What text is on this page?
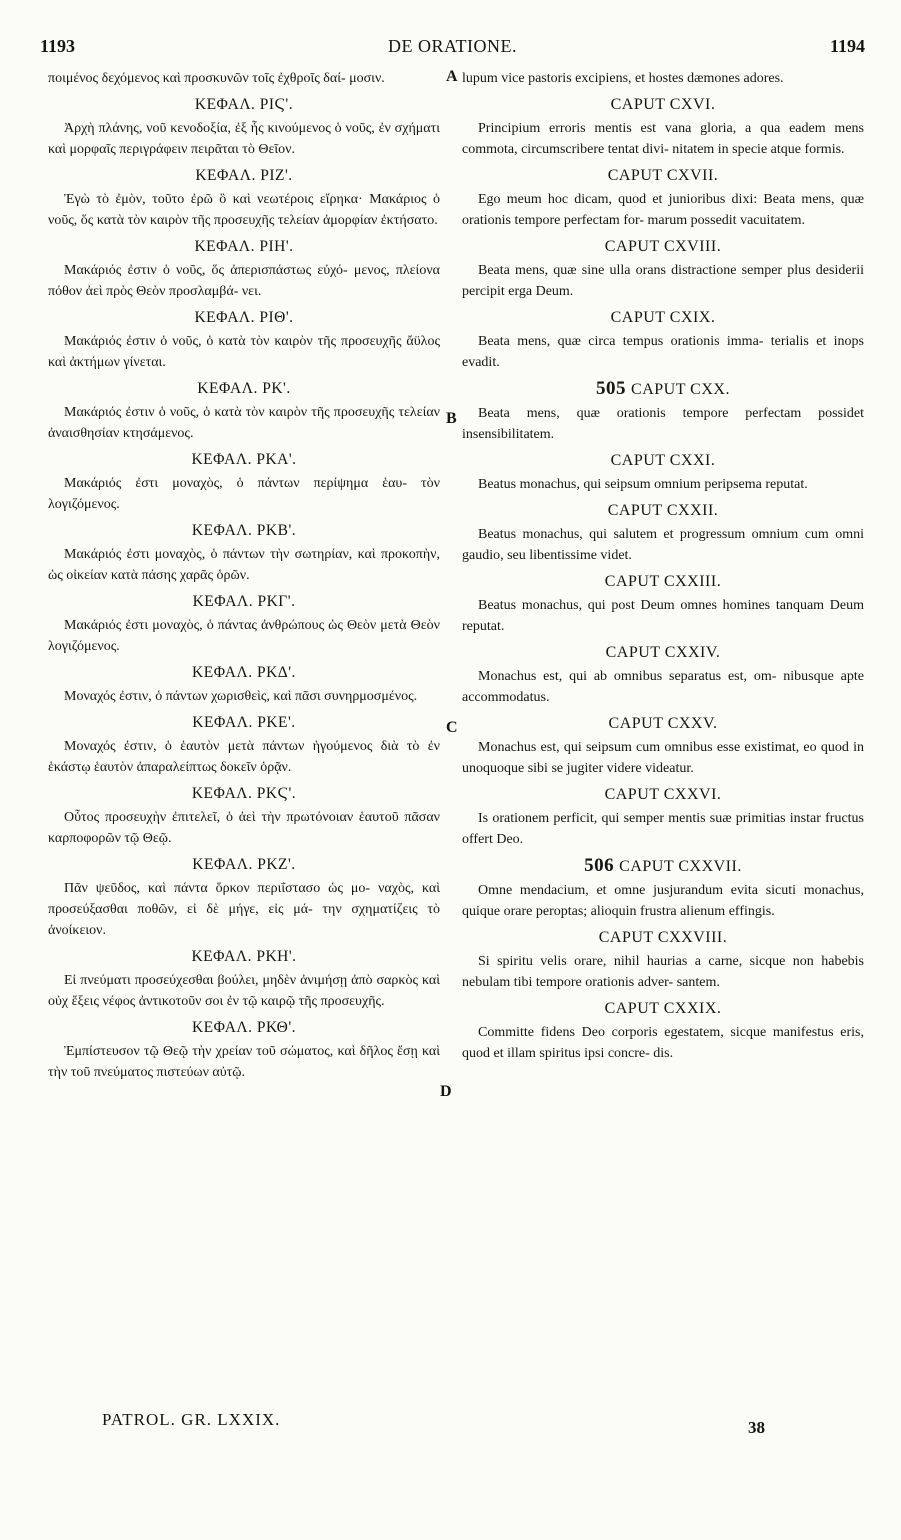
1193	DE ORATIONE.	1194
ποιμένος δεχόμενος καὶ προσκυνῶν τοῖς ἐχθροῖς δαί- μοσιν.
ΚΕΦΑΛ. ΡΙϚ'.
Ἀρχὴ πλάνης, νοῦ κενοδοξία, ἐξ ἧς κινούμενος ὁ νοῦς, ἐν σχήματι καὶ μορφαῖς περιγράφειν πειρᾶται τὸ Θεῖον.
ΚΕΦΑΛ. ΡΙΖ'.
Ἐγὼ τὸ ἐμὸν, τοῦτο ἐρῶ ὃ καὶ νεωτέροις εἴρηκα· Μακάριος ὁ νοῦς, ὅς κατὰ τὸν καιρὸν τῆς προσευχῆς τελείαν ἀμορφίαν ἐκτήσατο.
ΚΕΦΑΛ. ΡΙΗ'.
Μακάριός ἐστιν ὁ νοῦς, ὅς ἀπερισπάστως εὐχό- μενος, πλείονα πόθον ἀεὶ πρὸς Θεὸν προσλαμβά- νει.
ΚΕΦΑΛ. ΡΙΘ'.
Μακάριός ἐστιν ὁ νοῦς, ὁ κατὰ τὸν καιρὸν τῆς προσευχῆς ἄϋλος καὶ ἀκτήμων γίνεται.
ΚΕΦΑΛ. ΡΚ'.
Μακάριός ἐστιν ὁ νοῦς, ὁ κατὰ τὸν καιρὸν τῆς προσευχῆς τελείαν ἀναισθησίαν κτησάμενος.
ΚΕΦΑΛ. ΡΚΑ'.
Μακάριός ἐστι μοναχὸς, ὁ πάντων περίψημα ἑαυ- τὸν λογιζόμενος.
ΚΕΦΑΛ. ΡΚΒ'.
Μακάριός ἐστι μοναχὸς, ὁ πάντων τὴν σωτηρίαν, καὶ προκοπὴν, ὡς οἰκείαν κατὰ πάσης χαρᾶς ὁρῶν.
ΚΕΦΑΛ. ΡΚΓ'.
Μακάριός ἐστι μοναχὸς, ὁ πάντας ἀνθρώπους ὡς Θεὸν μετὰ Θεὸν λογιζόμενος.
ΚΕΦΑΛ. ΡΚΔ'.
Μοναχός ἐστιν, ὁ πάντων χωρισθεὶς, καὶ πᾶσι συνηρμοσμένος.
ΚΕΦΑΛ. ΡΚΕ'.
Μοναχός ἐστιν, ὁ ἑαυτὸν μετὰ πάντων ἡγούμενος διὰ τὸ ἐν ἑκάστῳ ἑαυτὸν ἀπαραλείπτως δοκεῖν ὁρᾷν.
ΚΕΦΑΛ. ΡΚϚ'.
Οὗτος προσευχὴν ἐπιτελεῖ, ὁ ἀεὶ τὴν πρωτόνοιαν ἑαυτοῦ πᾶσαν καρποφορῶν τῷ Θεῷ.
ΚΕΦΑΛ. ΡΚΖ'.
Πᾶν ψεῦδος, καὶ πάντα ὅρκον περιΐστασο ὡς μο- ναχὸς, καὶ προσεύξασθαι ποθῶν, εἰ δὲ μήγε, εἰς μά- την σχηματίζεις τὸ ἀνοίκειον.
ΚΕΦΑΛ. ΡΚΗ'.
Εἰ πνεύματι προσεύχεσθαι βούλει, μηδὲν ἀνιμήσῃ ἀπὸ σαρκὸς καὶ οὐχ ἕξεις νέφος ἀντικοτοῦν σοι ἐν τῷ καιρῷ τῆς προσευχῆς.
ΚΕΦΑΛ. ΡΚΘ'.
Ἐμπίστευσον τῷ Θεῷ τὴν χρείαν τοῦ σώματος, καὶ δῆλος ἔσῃ καὶ τὴν τοῦ πνεύματος πιστεύων αὐτῷ.
lupum vice pastoris excipiens, et hostes dæmones adores.
CAPUT CXVI.
Principium erroris mentis est vana gloria, a qua eadem mens commota, circumscribere tentat divi- nitatem in specie atque formis.
CAPUT CXVII.
Ego meum hoc dicam, quod et junioribus dixi: Beata mens, quæ orationis tempore perfectam for- marum possedit vacuitatem.
CAPUT CXVIII.
Beata mens, quæ sine ulla orans distractione semper plus desiderii percipit erga Deum.
CAPUT CXIX.
Beata mens, quæ circa tempus orationis imma- terialis et inops evadit.
505 CAPUT CXX.
Beata mens, quæ orationis tempore perfectam possidet insensibilitatem.
CAPUT CXXI.
Beatus monachus, qui seipsum omnium peripsema reputat.
CAPUT CXXII.
Beatus monachus, qui salutem et progressum omnium cum omni gaudio, seu libentissime videt.
CAPUT CXXIII.
Beatus monachus, qui post Deum omnes homines tanquam Deum reputat.
CAPUT CXXIV.
Monachus est, qui ab omnibus separatus est, om- nibusque apte accommodatus.
CAPUT CXXV.
Monachus est, qui seipsum cum omnibus esse existimat, eo quod in unoquoque sibi se jugiter videre videatur.
CAPUT CXXVI.
Is orationem perficit, qui semper mentis suæ primitias instar fructus offert Deo.
506 CAPUT CXXVII.
Omne mendacium, et omne jusjurandum evita sicuti monachus, quique orare peroptas; alioquin frustra alienum effingis.
CAPUT CXXVIII.
Si spiritu velis orare, nihil haurias a carne, sicque non habebis nebulam tibi tempore orationis adver- santem.
CAPUT CXXIX.
Committe fidens Deo corporis egestatem, sicque manifestus eris, quod et illam spiritus ipsi concre- dis.
A
B
C
D
PATROL. GR. LXXIX.	38
